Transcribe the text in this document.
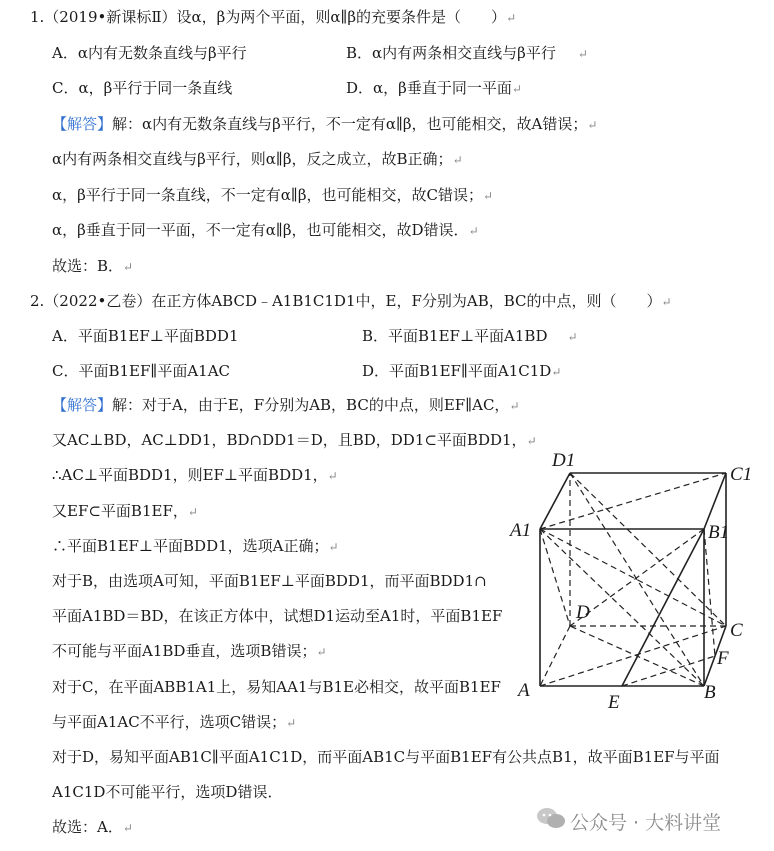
1.（2019•新课标Ⅱ）设α，β为两个平面，则α∥β的充要条件是（　　）↵
A．α内有无数条直线与β平行	B．α内有两条相交直线与β平行 ↵
C．α，β平行于同一条直线	D．α，β垂直于同一平面↵
【解答】解：α内有无数条直线与β平行，不一定有α∥β，也可能相交，故A错误；↵
α内有两条相交直线与β平行，则α∥β，反之成立，故B正确；↵
α，β平行于同一条直线，不一定有α∥β，也可能相交，故C错误；↵
α，β垂直于同一平面，不一定有α∥β，也可能相交，故D错误．↵
故选：B．↵
2.（2022•乙卷）在正方体ABCD﹣A1B1C1D1中，E，F分别为AB，BC的中点，则（　　）↵
A．平面B1EF⊥平面BDD1	B．平面B1EF⊥平面A1BD ↵
C．平面B1EF∥平面A1AC	D．平面B1EF∥平面A1C1D↵
【解答】解：对于A，由于E，F分别为AB，BC的中点，则EF∥AC，↵
又AC⊥BD，AC⊥DD1，BD∩DD1＝D，且BD，DD1⊂平面BDD1，↵
∴AC⊥平面BDD1，则EF⊥平面BDD1，↵
又EF⊂平面B1EF，↵
∴平面B1EF⊥平面BDD1，选项A正确；↵
对于B，由选项A可知，平面B1EF⊥平面BDD1，而平面BDD1∩
平面A1BD＝BD，在该正方体中，试想D1运动至A1时，平面B1EF
不可能与平面A1BD垂直，选项B错误；↵
对于C，在平面ABB1A1上，易知AA1与B1E必相交，故平面B1EF
与平面A1AC不平行，选项C错误；↵
对于D，易知平面AB1C∥平面A1C1D，而平面AB1C与平面B1EF有公共点B1，故平面B1EF与平面
A1C1D不可能平行，选项D错误．
故选：A．↵
D1
C1
A1	B1
D
C
F
A
E	B
公众号 · 大料讲堂
